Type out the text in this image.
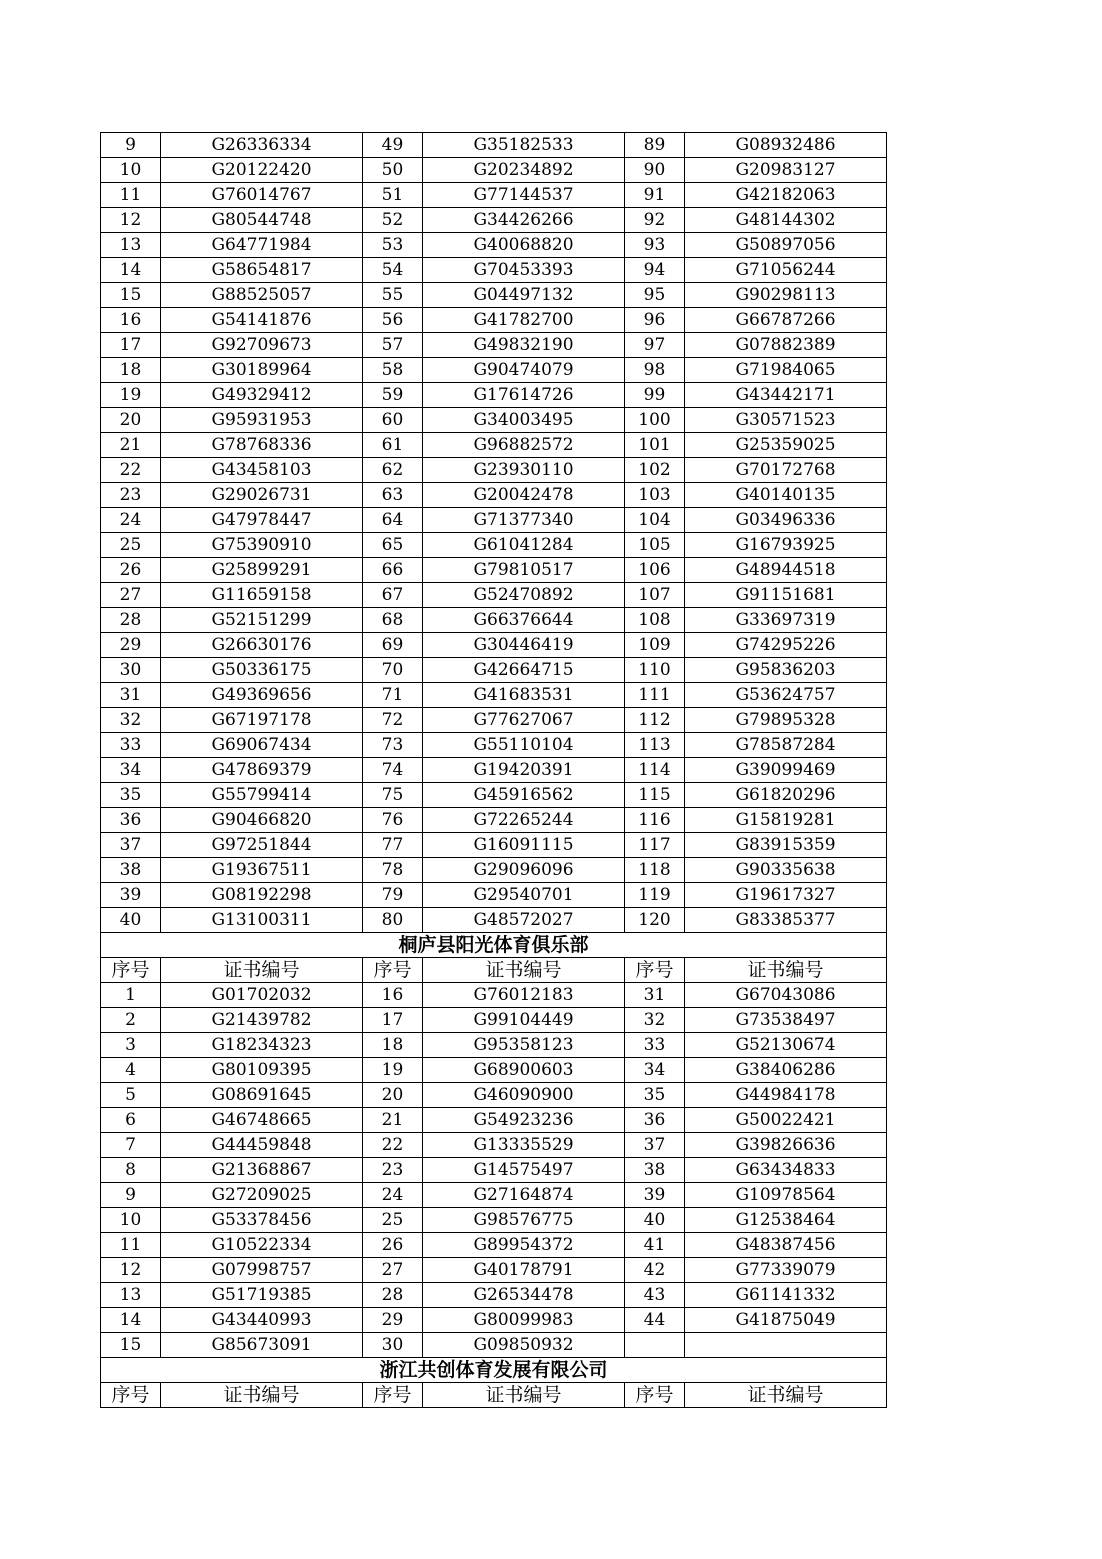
9	G26336334	49	G35182533	89	G08932486
10	G20122420	50	G20234892	90	G20983127
11	G76014767	51	G77144537	91	G42182063
12	G80544748	52	G34426266	92	G48144302
13	G64771984	53	G40068820	93	G50897056
14	G58654817	54	G70453393	94	G71056244
15	G88525057	55	G04497132	95	G90298113
16	G54141876	56	G41782700	96	G66787266
17	G92709673	57	G49832190	97	G07882389
18	G30189964	58	G90474079	98	G71984065
19	G49329412	59	G17614726	99	G43442171
20	G95931953	60	G34003495	100	G30571523
21	G78768336	61	G96882572	101	G25359025
22	G43458103	62	G23930110	102	G70172768
23	G29026731	63	G20042478	103	G40140135
24	G47978447	64	G71377340	104	G03496336
25	G75390910	65	G61041284	105	G16793925
26	G25899291	66	G79810517	106	G48944518
27	G11659158	67	G52470892	107	G91151681
28	G52151299	68	G66376644	108	G33697319
29	G26630176	69	G30446419	109	G74295226
30	G50336175	70	G42664715	110	G95836203
31	G49369656	71	G41683531	111	G53624757
32	G67197178	72	G77627067	112	G79895328
33	G69067434	73	G55110104	113	G78587284
34	G47869379	74	G19420391	114	G39099469
35	G55799414	75	G45916562	115	G61820296
36	G90466820	76	G72265244	116	G15819281
37	G97251844	77	G16091115	117	G83915359
38	G19367511	78	G29096096	118	G90335638
39	G08192298	79	G29540701	119	G19617327
40	G13100311	80	G48572027	120	G83385377
桐庐县阳光体育俱乐部					
序号	证书编号	序号	证书编号	序号	证书编号
1	G01702032	16	G76012183	31	G67043086
2	G21439782	17	G99104449	32	G73538497
3	G18234323	18	G95358123	33	G52130674
4	G80109395	19	G68900603	34	G38406286
5	G08691645	20	G46090900	35	G44984178
6	G46748665	21	G54923236	36	G50022421
7	G44459848	22	G13335529	37	G39826636
8	G21368867	23	G14575497	38	G63434833
9	G27209025	24	G27164874	39	G10978564
10	G53378456	25	G98576775	40	G12538464
11	G10522334	26	G89954372	41	G48387456
12	G07998757	27	G40178791	42	G77339079
13	G51719385	28	G26534478	43	G61141332
14	G43440993	29	G80099983	44	G41875049
15	G85673091	30	G09850932		
浙江共创体育发展有限公司					
序号	证书编号	序号	证书编号	序号	证书编号
